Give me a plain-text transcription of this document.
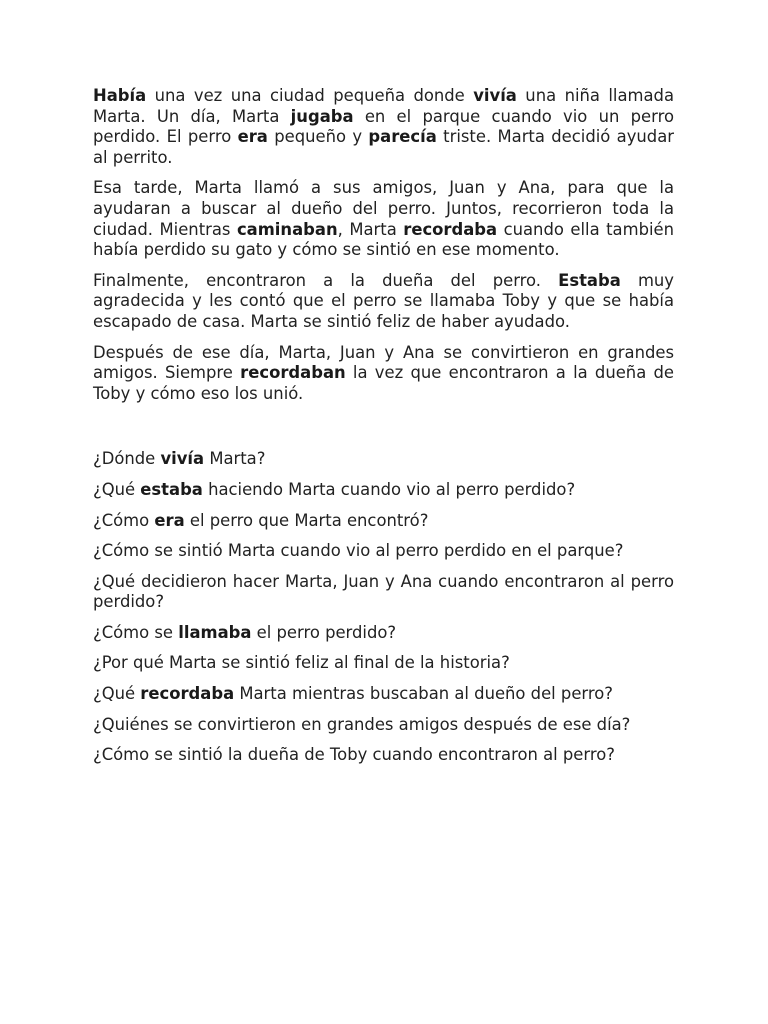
Había una vez una ciudad pequeña donde vivía una niña llamada Marta. Un día, Marta jugaba en el parque cuando vio un perro perdido. El perro era pequeño y parecía triste. Marta decidió ayudar al perrito.

Esa tarde, Marta llamó a sus amigos, Juan y Ana, para que la ayudaran a buscar al dueño del perro. Juntos, recorrieron toda la ciudad. Mientras caminaban, Marta recordaba cuando ella también había perdido su gato y cómo se sintió en ese momento.

Finalmente, encontraron a la dueña del perro. Estaba muy agradecida y les contó que el perro se llamaba Toby y que se había escapado de casa. Marta se sintió feliz de haber ayudado.

Después de ese día, Marta, Juan y Ana se convirtieron en grandes amigos. Siempre recordaban la vez que encontraron a la dueña de Toby y cómo eso los unió.

¿Dónde vivía Marta?

¿Qué estaba haciendo Marta cuando vio al perro perdido?

¿Cómo era el perro que Marta encontró?

¿Cómo se sintió Marta cuando vio al perro perdido en el parque?

¿Qué decidieron hacer Marta, Juan y Ana cuando encontraron al perro perdido?

¿Cómo se llamaba el perro perdido?

¿Por qué Marta se sintió feliz al final de la historia?

¿Qué recordaba Marta mientras buscaban al dueño del perro?

¿Quiénes se convirtieron en grandes amigos después de ese día?

¿Cómo se sintió la dueña de Toby cuando encontraron al perro?
